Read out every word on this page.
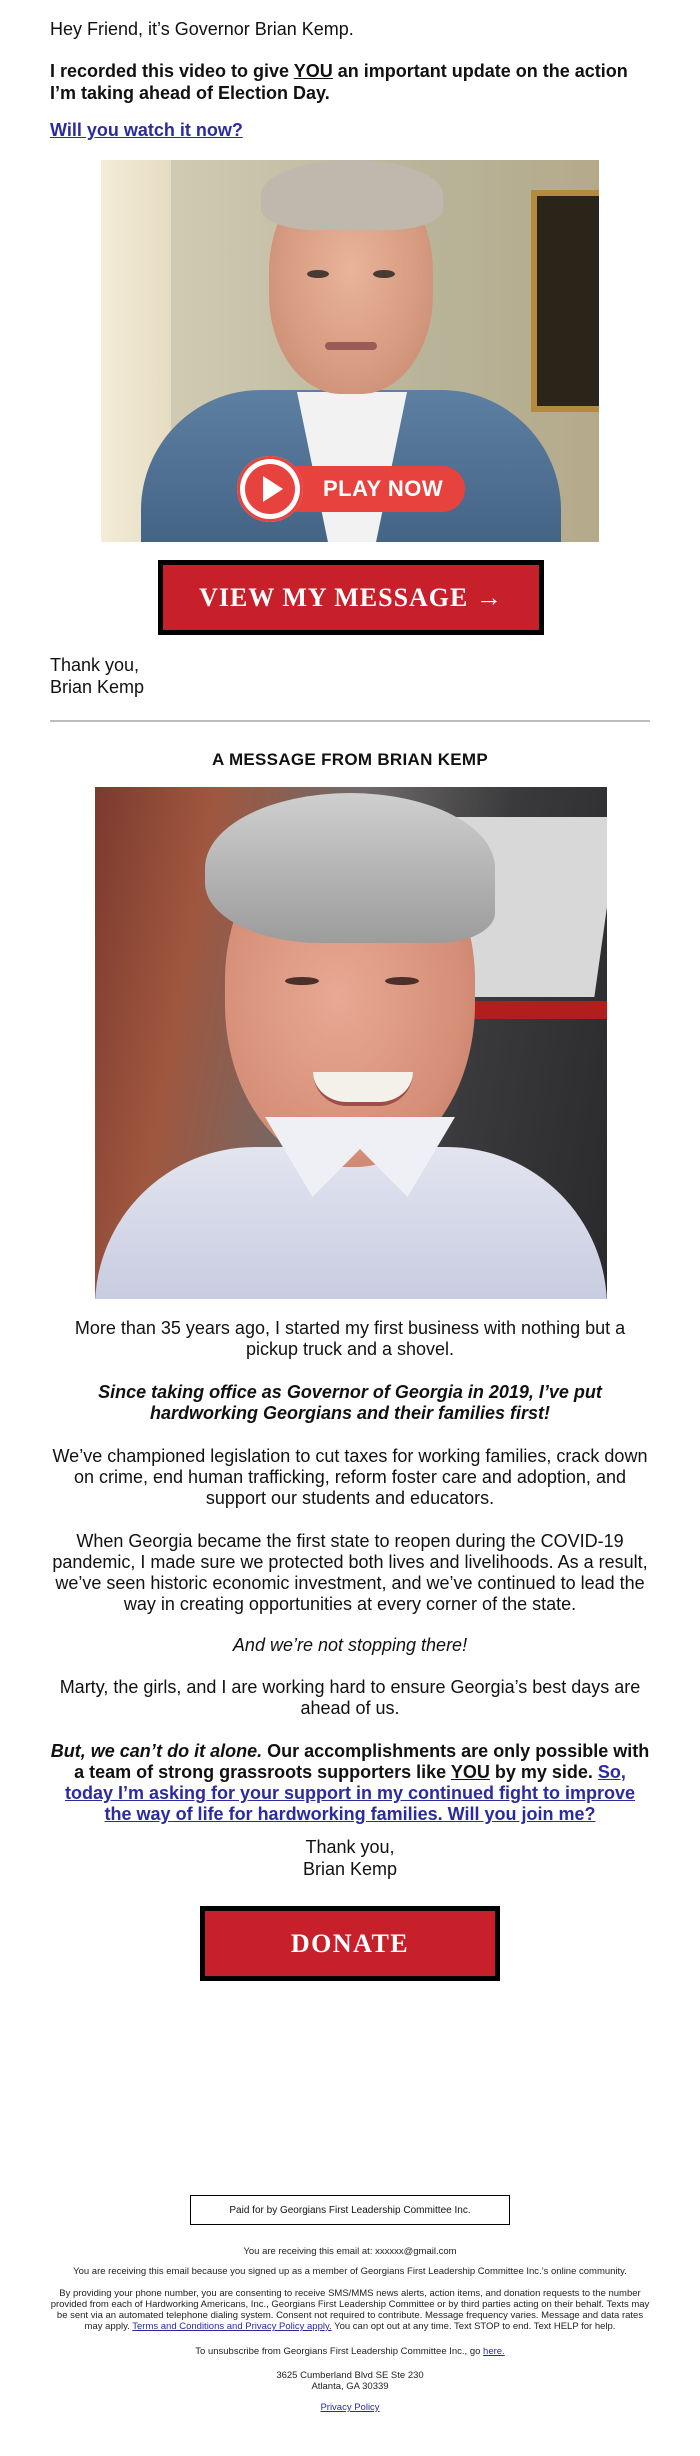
Hey Friend, it’s Governor Brian Kemp.

I recorded this video to give YOU an important update on the action I’m taking ahead of Election Day.

Will you watch it now?
PLAY NOW
VIEW MY MESSAGE →

Thank you,

Brian Kemp

A MESSAGE FROM BRIAN KEMP

More than 35 years ago, I started my first business with nothing but a pickup truck and a shovel.

Since taking office as Governor of Georgia in 2019, I’ve put hardworking Georgians and their families first!

We’ve championed legislation to cut taxes for working families, crack down on crime, end human trafficking, reform foster care and adoption, and support our students and educators.

When Georgia became the first state to reopen during the COVID-19 pandemic, I made sure we protected both lives and livelihoods. As a result, we’ve seen historic economic investment, and we’ve continued to lead the way in creating opportunities at every corner of the state.

And we’re not stopping there!

Marty, the girls, and I are working hard to ensure Georgia’s best days are ahead of us.

But, we can’t do it alone. Our accomplishments are only possible with a team of strong grassroots supporters like YOU by my side. So, today I’m asking for your support in my continued fight to improve the way of life for hardworking families. Will you join me?

Thank you,

Brian Kemp

DONATE
Paid for by Georgians First Leadership Committee Inc.

You are receiving this email at: xxxxxx@gmail.com

You are receiving this email because you signed up as a member of Georgians First Leadership Committee Inc.’s online community.

By providing your phone number, you are consenting to receive SMS/MMS news alerts, action items, and donation requests to the number provided from each of Hardworking Americans, Inc., Georgians First Leadership Committee or by third parties acting on their behalf. Texts may be sent via an automated telephone dialing system. Consent not required to contribute. Message frequency varies. Message and data rates may apply. Terms and Conditions and Privacy Policy apply. You can opt out at any time. Text STOP to end. Text HELP for help.

To unsubscribe from Georgians First Leadership Committee Inc., go here.

3625 Cumberland Blvd SE Ste 230

Atlanta, GA 30339

Privacy Policy
